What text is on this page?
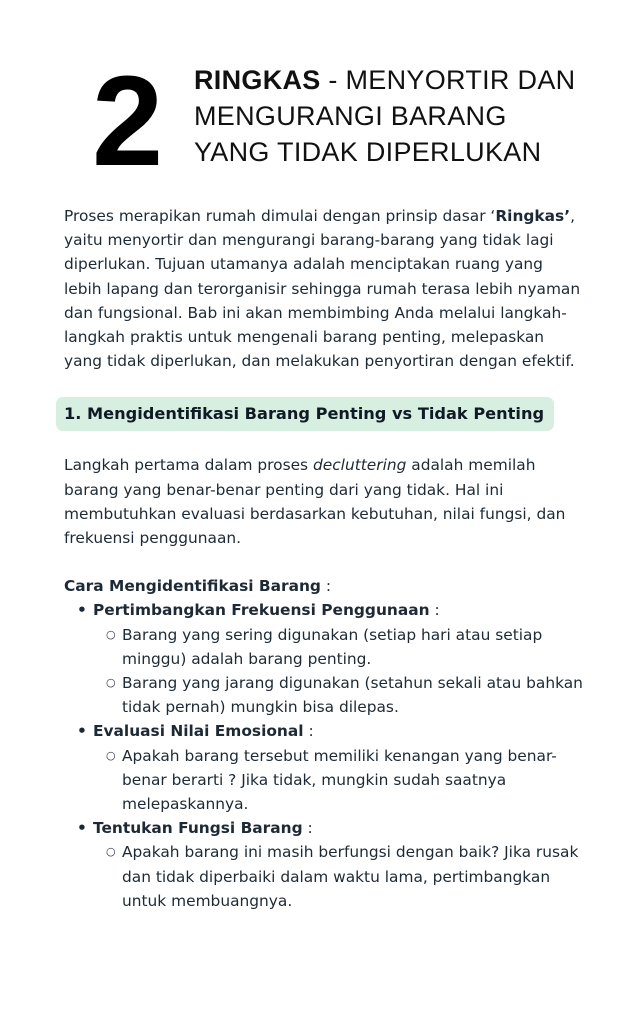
2 RINGKAS - MENYORTIR DAN
MENGURANGI BARANG
YANG TIDAK DIPERLUKAN

Proses merapikan rumah dimulai dengan prinsip dasar ‘Ringkas’, yaitu menyortir dan mengurangi barang-barang yang tidak lagi diperlukan. Tujuan utamanya adalah menciptakan ruang yang lebih lapang dan terorganisir sehingga rumah terasa lebih nyaman dan fungsional. Bab ini akan membimbing Anda melalui langkah-langkah praktis untuk mengenali barang penting, melepaskan yang tidak diperlukan, dan melakukan penyortiran dengan efektif.

1. Mengidentifikasi Barang Penting vs Tidak Penting

Langkah pertama dalam proses decluttering adalah memilah barang yang benar-benar penting dari yang tidak. Hal ini membutuhkan evaluasi berdasarkan kebutuhan, nilai fungsi, dan frekuensi penggunaan.

Cara Mengidentifikasi Barang :
• Pertimbangkan Frekuensi Penggunaan :
○ Barang yang sering digunakan (setiap hari atau setiap minggu) adalah barang penting.
○ Barang yang jarang digunakan (setahun sekali atau bahkan tidak pernah) mungkin bisa dilepas.
• Evaluasi Nilai Emosional :
○ Apakah barang tersebut memiliki kenangan yang benar-benar berarti ? Jika tidak, mungkin sudah saatnya melepaskannya.
• Tentukan Fungsi Barang :
○ Apakah barang ini masih berfungsi dengan baik? Jika rusak dan tidak diperbaiki dalam waktu lama, pertimbangkan untuk membuangnya.
